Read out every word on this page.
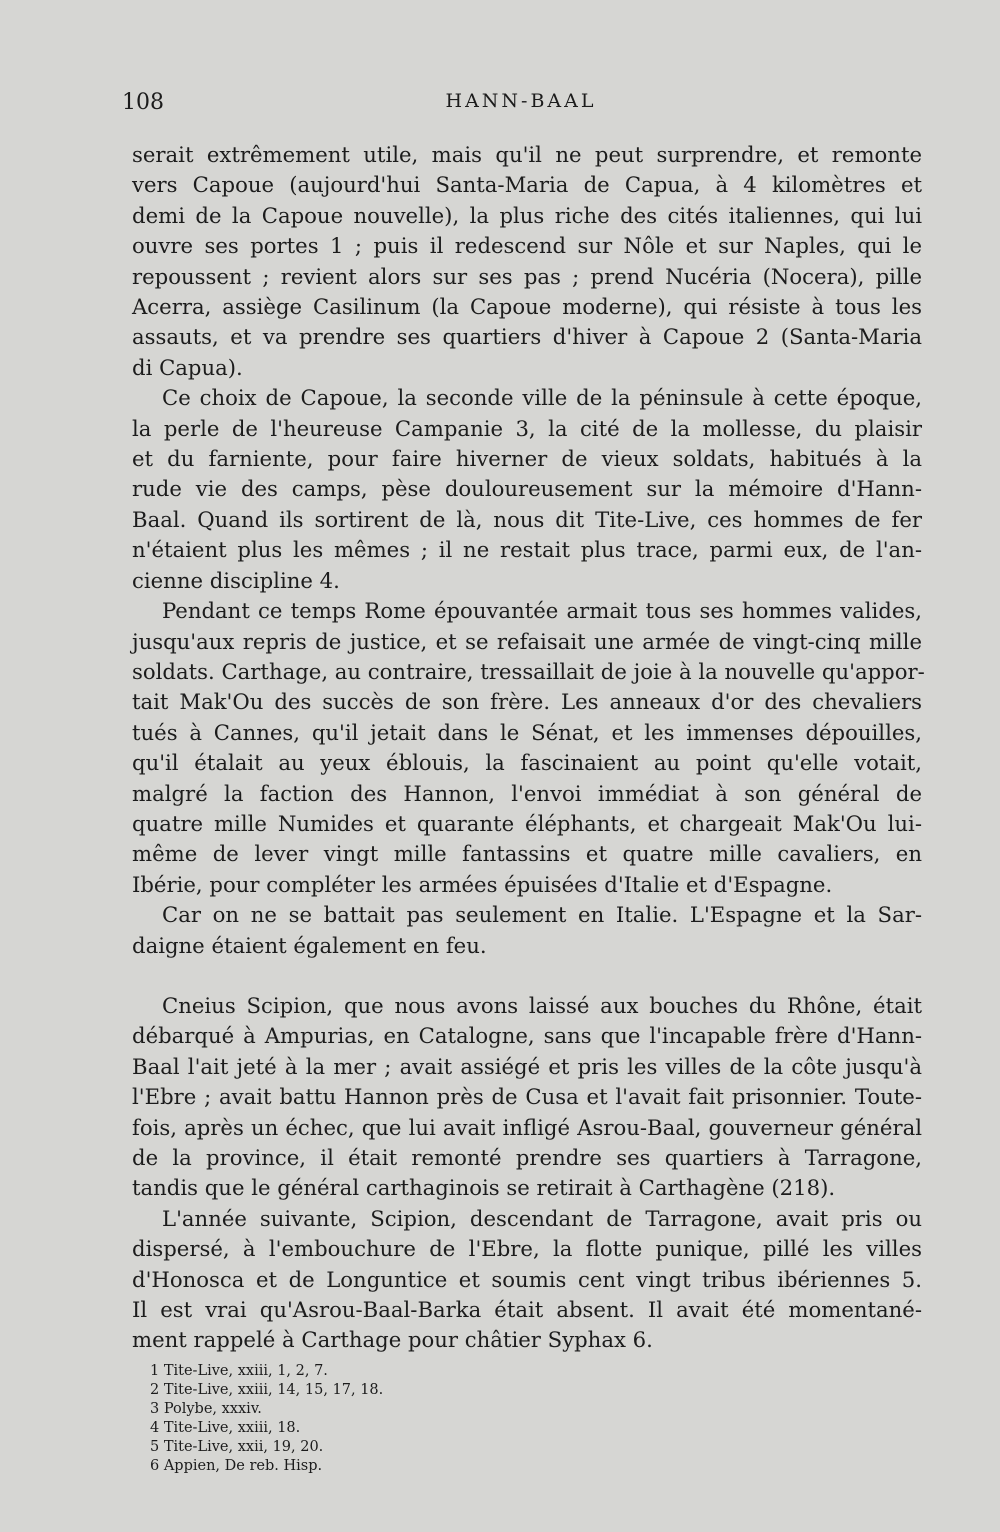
108	HANN-BAAL
serait extrêmement utile, mais qu'il ne peut surprendre, et remonte
vers Capoue (aujourd'hui Santa-Maria de Capua, à 4 kilomètres et
demi de la Capoue nouvelle), la plus riche des cités italiennes, qui lui
ouvre ses portes 1 ; puis il redescend sur Nôle et sur Naples, qui le
repoussent ; revient alors sur ses pas ; prend Nucéria (Nocera), pille
Acerra, assiège Casilinum (la Capoue moderne), qui résiste à tous les
assauts, et va prendre ses quartiers d'hiver à Capoue 2 (Santa-Maria
di Capua).
Ce choix de Capoue, la seconde ville de la péninsule à cette époque,
la perle de l'heureuse Campanie 3, la cité de la mollesse, du plaisir
et du farniente, pour faire hiverner de vieux soldats, habitués à la
rude vie des camps, pèse douloureusement sur la mémoire d'Hann-
Baal. Quand ils sortirent de là, nous dit Tite-Live, ces hommes de fer
n'étaient plus les mêmes ; il ne restait plus trace, parmi eux, de l'an-
cienne discipline 4.
Pendant ce temps Rome épouvantée armait tous ses hommes valides,
jusqu'aux repris de justice, et se refaisait une armée de vingt-cinq mille
soldats. Carthage, au contraire, tressaillait de joie à la nouvelle qu'appor-
tait Mak'Ou des succès de son frère. Les anneaux d'or des chevaliers
tués à Cannes, qu'il jetait dans le Sénat, et les immenses dépouilles,
qu'il étalait au yeux éblouis, la fascinaient au point qu'elle votait,
malgré la faction des Hannon, l'envoi immédiat à son général de
quatre mille Numides et quarante éléphants, et chargeait Mak'Ou lui-
même de lever vingt mille fantassins et quatre mille cavaliers, en
Ibérie, pour compléter les armées épuisées d'Italie et d'Espagne.
Car on ne se battait pas seulement en Italie. L'Espagne et la Sar-
daigne étaient également en feu.
Cneius Scipion, que nous avons laissé aux bouches du Rhône, était
débarqué à Ampurias, en Catalogne, sans que l'incapable frère d'Hann-
Baal l'ait jeté à la mer ; avait assiégé et pris les villes de la côte jusqu'à
l'Ebre ; avait battu Hannon près de Cusa et l'avait fait prisonnier. Toute-
fois, après un échec, que lui avait infligé Asrou-Baal, gouverneur général
de la province, il était remonté prendre ses quartiers à Tarragone,
tandis que le général carthaginois se retirait à Carthagène (218).
L'année suivante, Scipion, descendant de Tarragone, avait pris ou
dispersé, à l'embouchure de l'Ebre, la flotte punique, pillé les villes
d'Honosca et de Longuntice et soumis cent vingt tribus ibériennes 5.
Il est vrai qu'Asrou-Baal-Barka était absent. Il avait été momentané-
ment rappelé à Carthage pour châtier Syphax 6.
1 Tite-Live, xxiii, 1, 2, 7.
2 Tite-Live, xxiii, 14, 15, 17, 18.
3 Polybe, xxxiv.
4 Tite-Live, xxiii, 18.
5 Tite-Live, xxii, 19, 20.
6 Appien, De reb. Hisp.
